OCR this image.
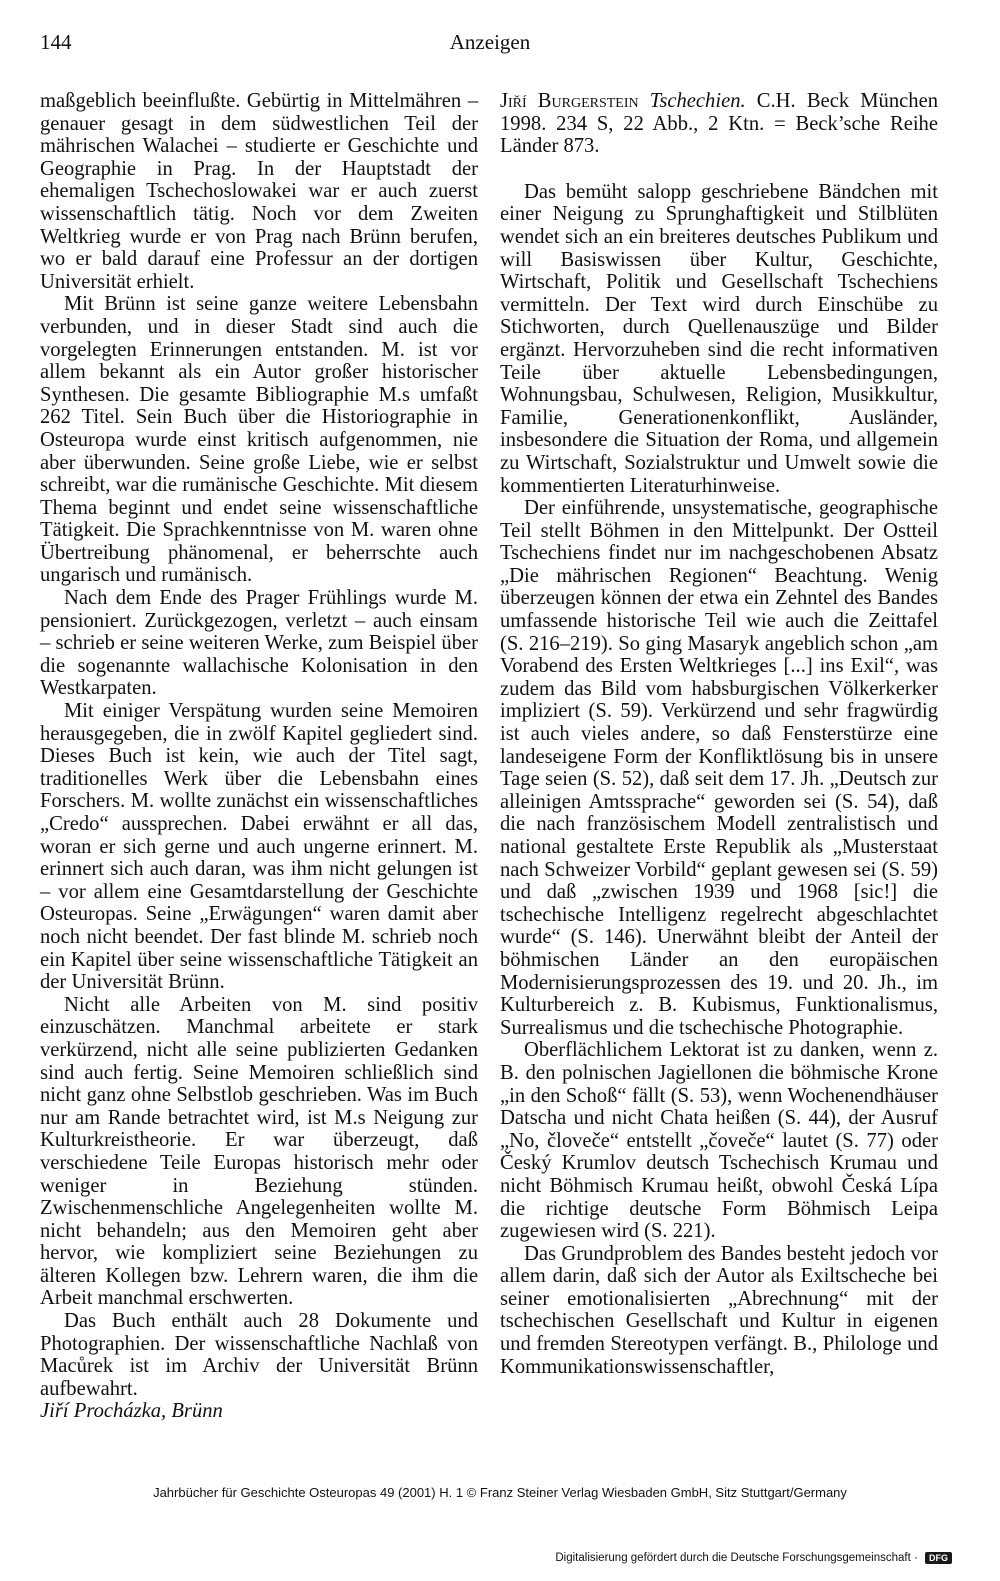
144	Anzeigen

maßgeblich beeinflußte. Gebürtig in Mittelmähren – genauer gesagt in dem südwestlichen Teil der mährischen Walachei – studierte er Geschichte und Geographie in Prag. In der Hauptstadt der ehemaligen Tschechoslowakei war er auch zuerst wissenschaftlich tätig. Noch vor dem Zweiten Weltkrieg wurde er von Prag nach Brünn berufen, wo er bald darauf eine Professur an der dortigen Universität erhielt.

Mit Brünn ist seine ganze weitere Lebensbahn verbunden, und in dieser Stadt sind auch die vorgelegten Erinnerungen entstanden. M. ist vor allem bekannt als ein Autor großer historischer Synthesen. Die gesamte Bibliographie M.s umfaßt 262 Titel. Sein Buch über die Historiographie in Osteuropa wurde einst kritisch aufgenommen, nie aber überwunden. Seine große Liebe, wie er selbst schreibt, war die rumänische Geschichte. Mit diesem Thema beginnt und endet seine wissenschaftliche Tätigkeit. Die Sprachkenntnisse von M. waren ohne Übertreibung phänomenal, er beherrschte auch ungarisch und rumänisch.

Nach dem Ende des Prager Frühlings wurde M. pensioniert. Zurückgezogen, verletzt – auch einsam – schrieb er seine weiteren Werke, zum Beispiel über die sogenannte wallachische Kolonisation in den Westkarpaten.

Mit einiger Verspätung wurden seine Memoiren herausgegeben, die in zwölf Kapitel gegliedert sind. Dieses Buch ist kein, wie auch der Titel sagt, traditionelles Werk über die Lebensbahn eines Forschers. M. wollte zunächst ein wissenschaftliches „Credo“ aussprechen. Dabei erwähnt er all das, woran er sich gerne und auch ungerne erinnert. M. erinnert sich auch daran, was ihm nicht gelungen ist – vor allem eine Gesamtdarstellung der Geschichte Osteuropas. Seine „Erwägungen“ waren damit aber noch nicht beendet. Der fast blinde M. schrieb noch ein Kapitel über seine wissenschaftliche Tätigkeit an der Universität Brünn.

Nicht alle Arbeiten von M. sind positiv einzuschätzen. Manchmal arbeitete er stark verkürzend, nicht alle seine publizierten Gedanken sind auch fertig. Seine Memoiren schließlich sind nicht ganz ohne Selbstlob geschrieben. Was im Buch nur am Rande betrachtet wird, ist M.s Neigung zur Kulturkreistheorie. Er war überzeugt, daß verschiedene Teile Europas historisch mehr oder weniger in Beziehung stünden. Zwischenmenschliche Angelegenheiten wollte M. nicht behandeln; aus den Memoiren geht aber hervor, wie kompliziert seine Beziehungen zu älteren Kollegen bzw. Lehrern waren, die ihm die Arbeit manchmal erschwerten.

Das Buch enthält auch 28 Dokumente und Photographien. Der wissenschaftliche Nachlaß von Macůrek ist im Archiv der Universität Brünn aufbewahrt.

Jiří Procházka, Brünn

Jiří Burgerstein Tschechien. C.H. Beck München 1998. 234 S, 22 Abb., 2 Ktn. = Beck’sche Reihe Länder 873.

Das bemüht salopp geschriebene Bändchen mit einer Neigung zu Sprunghaftigkeit und Stilblüten wendet sich an ein breiteres deutsches Publikum und will Basiswissen über Kultur, Geschichte, Wirtschaft, Politik und Gesellschaft Tschechiens vermitteln. Der Text wird durch Einschübe zu Stichworten, durch Quellenauszüge und Bilder ergänzt. Hervorzuheben sind die recht informativen Teile über aktuelle Lebensbedingungen, Wohnungsbau, Schulwesen, Religion, Musikkultur, Familie, Generationenkonflikt, Ausländer, insbesondere die Situation der Roma, und allgemein zu Wirtschaft, Sozialstruktur und Umwelt sowie die kommentierten Literaturhinweise.

Der einführende, unsystematische, geographische Teil stellt Böhmen in den Mittelpunkt. Der Ostteil Tschechiens findet nur im nachgeschobenen Absatz „Die mährischen Regionen“ Beachtung. Wenig überzeugen können der etwa ein Zehntel des Bandes umfassende historische Teil wie auch die Zeittafel (S. 216–219). So ging Masaryk angeblich schon „am Vorabend des Ersten Weltkrieges [...] ins Exil“, was zudem das Bild vom habsburgischen Völkerkerker impliziert (S. 59). Verkürzend und sehr fragwürdig ist auch vieles andere, so daß Fensterstürze eine landeseigene Form der Konfliktlösung bis in unsere Tage seien (S. 52), daß seit dem 17. Jh. „Deutsch zur alleinigen Amtssprache“ geworden sei (S. 54), daß die nach französischem Modell zentralistisch und national gestaltete Erste Republik als „Musterstaat nach Schweizer Vorbild“ geplant gewesen sei (S. 59) und daß „zwischen 1939 und 1968 [sic!] die tschechische Intelligenz regelrecht abgeschlachtet wurde“ (S. 146). Unerwähnt bleibt der Anteil der böhmischen Länder an den europäischen Modernisierungsprozessen des 19. und 20. Jh., im Kulturbereich z. B. Kubismus, Funktionalismus, Surrealismus und die tschechische Photographie.

Oberflächlichem Lektorat ist zu danken, wenn z. B. den polnischen Jagiellonen die böhmische Krone „in den Schoß“ fällt (S. 53), wenn Wochenendhäuser Datscha und nicht Chata heißen (S. 44), der Ausruf „No, človeče“ entstellt „čoveče“ lautet (S. 77) oder Český Krumlov deutsch Tschechisch Krumau und nicht Böhmisch Krumau heißt, obwohl Česká Lípa die richtige deutsche Form Böhmisch Leipa zugewiesen wird (S. 221).

Das Grundproblem des Bandes besteht jedoch vor allem darin, daß sich der Autor als Exiltscheche bei seiner emotionalisierten „Abrechnung“ mit der tschechischen Gesellschaft und Kultur in eigenen und fremden Stereotypen verfängt. B., Philologe und Kommunikationswissenschaftler,

Jahrbücher für Geschichte Osteuropas 49 (2001) H. 1 © Franz Steiner Verlag Wiesbaden GmbH, Sitz Stuttgart/Germany
Digitalisierung gefördert durch die Deutsche Forschungsgemeinschaft · DFG
